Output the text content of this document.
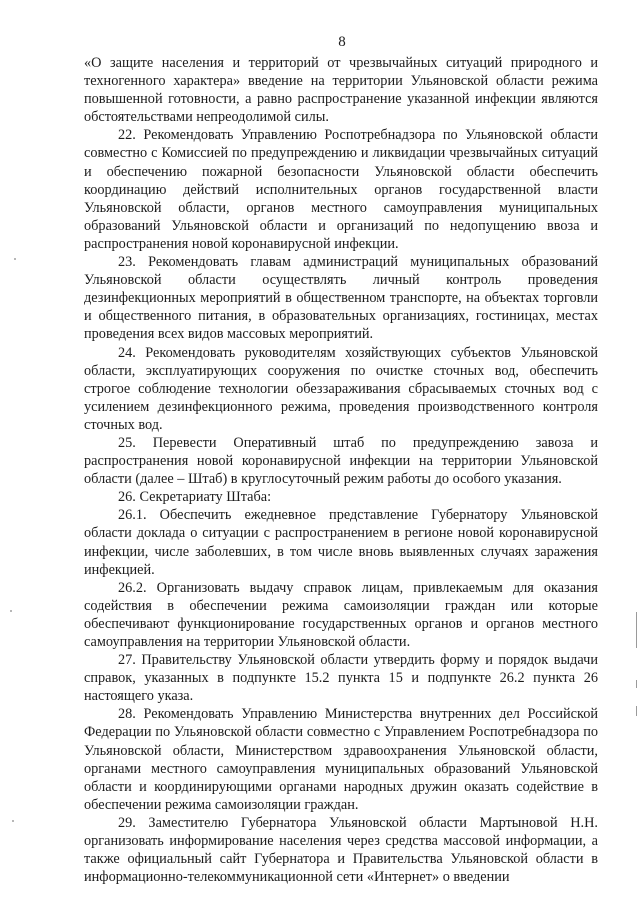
8

«О защите населения и территорий от чрезвычайных ситуаций природного и техногенного характера» введение на территории Ульяновской области режима повышенной готовности, а равно распространение указанной инфекции являются обстоятельствами непреодолимой силы.

22. Рекомендовать Управлению Роспотребнадзора по Ульяновской области совместно с Комиссией по предупреждению и ликвидации чрезвычайных ситуаций и обеспечению пожарной безопасности Ульяновской области обеспечить координацию действий исполнительных органов государственной власти Ульяновской области, органов местного самоуправления муниципальных образований Ульяновской области и организаций по недопущению ввоза и распространения новой коронавирусной инфекции.

23. Рекомендовать главам администраций муниципальных образований Ульяновской области осуществлять личный контроль проведения дезинфекционных мероприятий в общественном транспорте, на объектах торговли и общественного питания, в образовательных организациях, гостиницах, местах проведения всех видов массовых мероприятий.

24. Рекомендовать руководителям хозяйствующих субъектов Ульяновской области, эксплуатирующих сооружения по очистке сточных вод, обеспечить строгое соблюдение технологии обеззараживания сбрасываемых сточных вод с усилением дезинфекционного режима, проведения производственного контроля сточных вод.

25. Перевести Оперативный штаб по предупреждению завоза и распространения новой коронавирусной инфекции на территории Ульяновской области (далее – Штаб) в круглосуточный режим работы до особого указания.

26. Секретариату Штаба:

26.1. Обеспечить ежедневное представление Губернатору Ульяновской области доклада о ситуации с распространением в регионе новой коронавирусной инфекции, числе заболевших, в том числе вновь выявленных случаях заражения инфекцией.

26.2. Организовать выдачу справок лицам, привлекаемым для оказания содействия в обеспечении режима самоизоляции граждан или которые обеспечивают функционирование государственных органов и органов местного самоуправления на территории Ульяновской области.

27. Правительству Ульяновской области утвердить форму и порядок выдачи справок, указанных в подпункте 15.2 пункта 15 и подпункте 26.2 пункта 26 настоящего указа.

28. Рекомендовать Управлению Министерства внутренних дел Российской Федерации по Ульяновской области совместно с Управлением Роспотребнадзора по Ульяновской области, Министерством здравоохранения Ульяновской области, органами местного самоуправления муниципальных образований Ульяновской области и координирующими органами народных дружин оказать содействие в обеспечении режима самоизоляции граждан.

29. Заместителю Губернатора Ульяновской области Мартыновой Н.Н. организовать информирование населения через средства массовой информации, а также официальный сайт Губернатора и Правительства Ульяновской области в информационно-телекоммуникационной сети «Интернет» о введении
